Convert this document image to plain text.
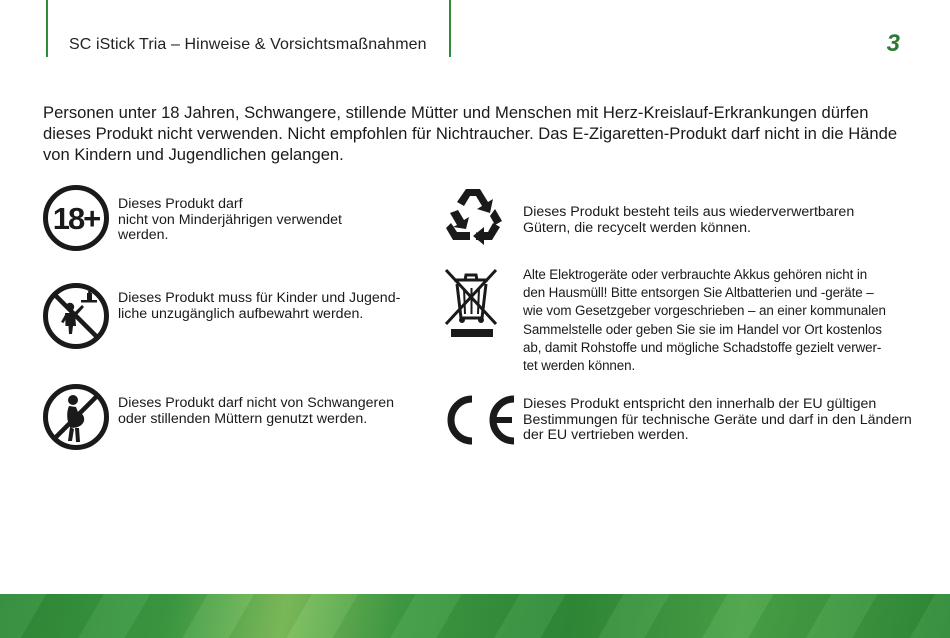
SC iStick Tria – Hinweise & Vorsichtsmaßnahmen	3
Personen unter 18 Jahren, Schwangere, stillende Mütter und Menschen mit Herz-Kreislauf-Erkrankungen dürfen dieses Produkt nicht verwenden. Nicht empfohlen für Nichtraucher. Das E-Zigaretten-Produkt darf nicht in die Hände von Kindern und Jugendlichen gelangen.
18+ Dieses Produkt darf
nicht von Minderjährigen verwendet
werden.
Dieses Produkt muss für Kinder und Jugend-
liche unzugänglich aufbewahrt werden.
Dieses Produkt darf nicht von Schwangeren
oder stillenden Müttern genutzt werden.
Dieses Produkt besteht teils aus wiederverwertbaren
Gütern, die recycelt werden können.
Alte Elektrogeräte oder verbrauchte Akkus gehören nicht in
den Hausmüll! Bitte entsorgen Sie Altbatterien und -geräte –
wie vom Gesetzgeber vorgeschrieben – an einer kommunalen
Sammelstelle oder geben Sie sie im Handel vor Ort kostenlos
ab, damit Rohstoffe und mögliche Schadstoffe gezielt verwer-
tet werden können.
Dieses Produkt entspricht den innerhalb der EU gültigen
Bestimmungen für technische Geräte und darf in den Ländern
der EU vertrieben werden.
